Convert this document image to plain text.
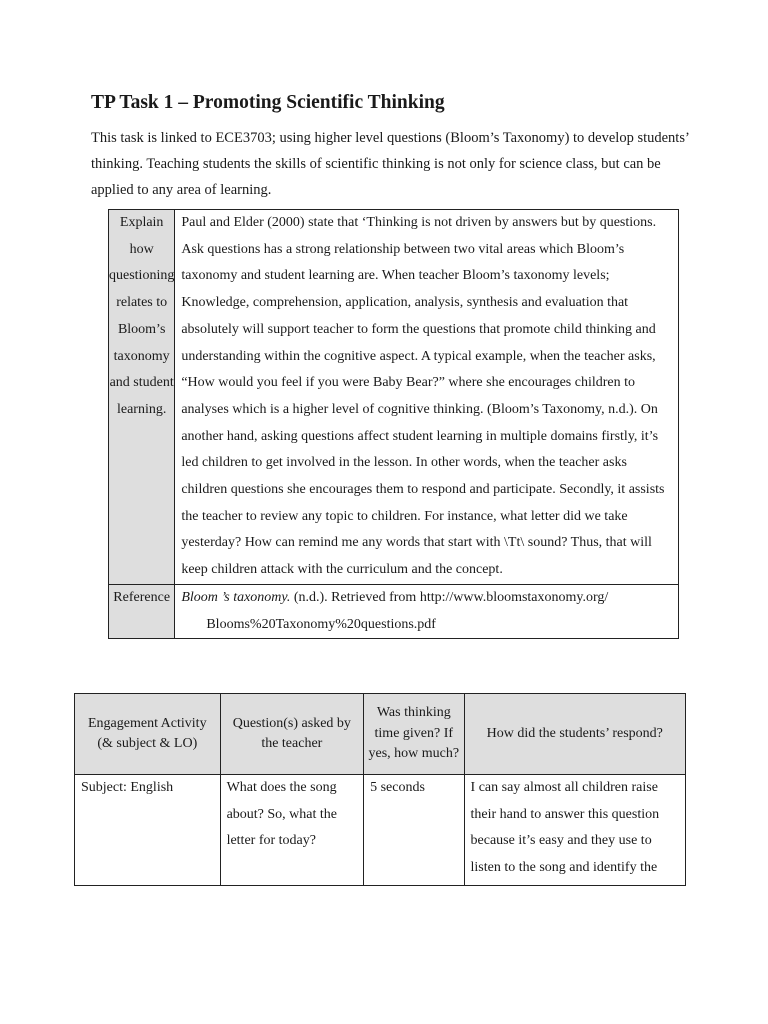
TP Task 1 – Promoting Scientific Thinking

This task is linked to ECE3703; using higher level questions (Bloom’s Taxonomy) to develop students’ thinking. Teaching students the skills of scientific thinking is not only for science class, but can be applied to any area of learning.

Explain how questioning relates to Bloom’s taxonomy and student learning.	Paul and Elder (2000) state that ‘Thinking is not driven by answers but by questions. Ask questions has a strong relationship between two vital areas which Bloom’s taxonomy and student learning are. When teacher Bloom’s taxonomy levels; Knowledge, comprehension, application, analysis, synthesis and evaluation that absolutely will support teacher to form the questions that promote child thinking and understanding within the cognitive aspect. A typical example, when the teacher asks, “How would you feel if you were Baby Bear?” where she encourages children to analyses which is a higher level of cognitive thinking. (Bloom’s Taxonomy, n.d.). On another hand, asking questions affect student learning in multiple domains firstly, it’s led children to get involved in the lesson. In other words, when the teacher asks children questions she encourages them to respond and participate. Secondly, it assists the teacher to review any topic to children. For instance, what letter did we take yesterday? How can remind me any words that start with \Tt\ sound? Thus, that will keep children attack with the curriculum and the concept.
Reference	Bloom ’s taxonomy. (n.d.). Retrieved from http://www.bloomstaxonomy.org/
Blooms%20Taxonomy%20questions.pdf
Engagement Activity (& subject & LO)	Question(s) asked by the teacher	Was thinking time given? If yes, how much?	How did the students’ respond?
Subject: English	What does the song about? So, what the letter for today?	5 seconds	I can say almost all children raise their hand to answer this question because it’s easy and they use to listen to the song and identify the
